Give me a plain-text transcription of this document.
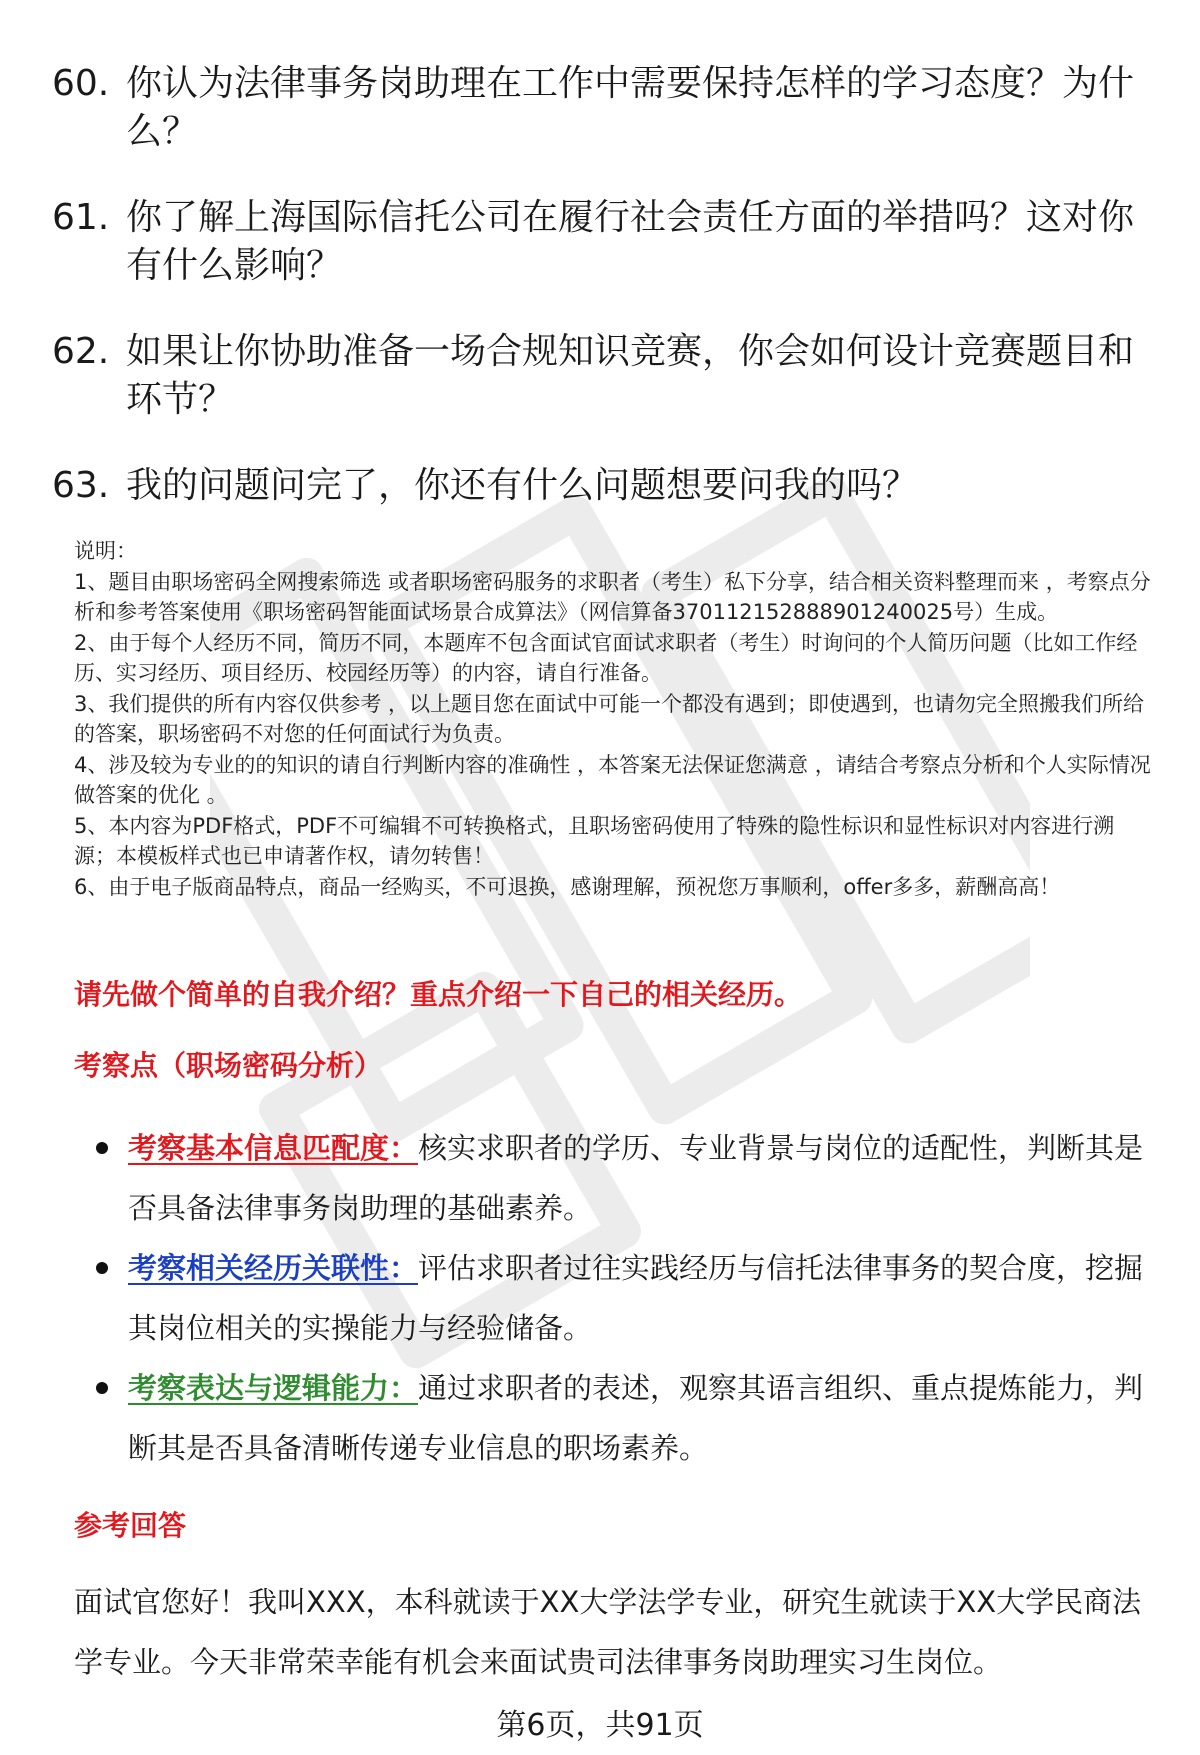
60. 你认为法律事务岗助理在工作中需要保持怎样的学习态度？为什么？
61. 你了解上海国际信托公司在履行社会责任方面的举措吗？这对你有什么影响？
62. 如果让你协助准备一场合规知识竞赛，你会如何设计竞赛题目和环节？
63. 我的问题问完了，你还有什么问题想要问我的吗？

说明：

1、题目由职场密码全网搜索筛选 或者职场密码服务的求职者（考生）私下分享，结合相关资料整理而来 ，考察点分析和参考答案使用《职场密码智能面试场景合成算法》（网信算备370112152888901240025号）生成。

2、由于每个人经历不同，简历不同，本题库不包含面试官面试求职者（考生）时询问的个人简历问题（比如工作经历、实习经历、项目经历、校园经历等）的内容，请自行准备。

3、我们提供的所有内容仅供参考 ，以上题目您在面试中可能一个都没有遇到；即使遇到，也请勿完全照搬我们所给的答案，职场密码不对您的任何面试行为负责。

4、涉及较为专业的的知识的请自行判断内容的准确性 ，本答案无法保证您满意 ，请结合考察点分析和个人实际情况做答案的优化 。

5、本内容为PDF格式，PDF不可编辑不可转换格式，且职场密码使用了特殊的隐性标识和显性标识对内容进行溯源；本模板样式也已申请著作权，请勿转售！

6、由于电子版商品特点，商品一经购买，不可退换，感谢理解，预祝您万事顺利，offer多多，薪酬高高！

请先做个简单的自我介绍？重点介绍一下自己的相关经历。
考察点（职场密码分析）
考察基本信息匹配度：核实求职者的学历、专业背景与岗位的适配性，判断其是否具备法律事务岗助理的基础素养。
考察相关经历关联性：评估求职者过往实践经历与信托法律事务的契合度，挖掘其岗位相关的实操能力与经验储备。
考察表达与逻辑能力：通过求职者的表述，观察其语言组织、重点提炼能力，判断其是否具备清晰传递专业信息的职场素养。
参考回答
面试官您好！我叫XXX，本科就读于XX大学法学专业，研究生就读于XX大学民商法学专业。今天非常荣幸能有机会来面试贵司法律事务岗助理实习生岗位。
第6页，共91页
